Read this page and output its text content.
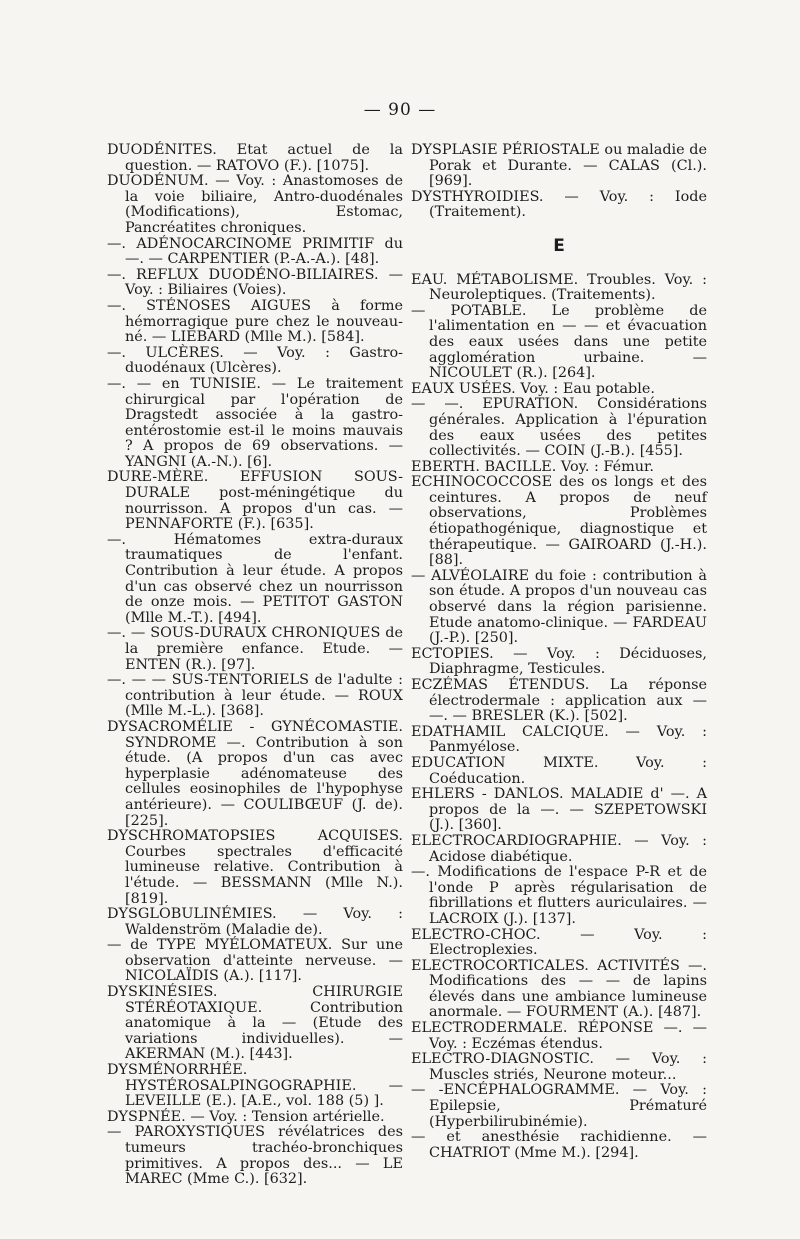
— 90 —

DUODÉNITES. Etat actuel de la question. — RATOVO (F.). [1075].

DUODÉNUM. — Voy. : Anastomoses de la voie biliaire, Antro-duodénales (Modifications), Estomac, Pancréatites chroniques.

—. ADÉNOCARCINOME PRIMITIF du —. — CARPENTIER (P.-A.-A.). [48].

—. REFLUX DUODÉNO-BILIAIRES. — Voy. : Biliaires (Voies).

—. STÉNOSES AIGUES à forme hémorragique pure chez le nouveau-né. — LIEBARD (Mlle M.). [584].

—. ULCÈRES. — Voy. : Gastro-duodénaux (Ulcères).

—. — en TUNISIE. — Le traitement chirurgical par l'opération de Dragstedt associée à la gastro-entérostomie est-il le moins mauvais ? A propos de 69 observations. — YANGNI (A.-N.). [6].

DURE-MÈRE. EFFUSION SOUS-DURALE post-méningétique du nourrisson. A propos d'un cas. — PENNAFORTE (F.). [635].

—. Hématomes extra-duraux traumatiques de l'enfant. Contribution à leur étude. A propos d'un cas observé chez un nourrisson de onze mois. — PETITOT GASTON (Mlle M.-T.). [494].

—. — SOUS-DURAUX CHRONIQUES de la première enfance. Etude. — ENTEN (R.). [97].

—. — — SUS-TENTORIELS de l'adulte : contribution à leur étude. — ROUX (Mlle M.-L.). [368].

DYSACROMÉLIE - GYNÉCOMASTIE. SYNDROME —. Contribution à son étude. (A propos d'un cas avec hyperplasie adénomateuse des cellules eosinophiles de l'hypophyse antérieure). — COULIBŒUF (J. de). [225].

DYSCHROMATOPSIES ACQUISES. Courbes spectrales d'efficacité lumineuse relative. Contribution à l'étude. — BESSMANN (Mlle N.). [819].

DYSGLOBULINÉMIES. — Voy. : Waldenström (Maladie de).

— de TYPE MYÉLOMATEUX. Sur une observation d'atteinte nerveuse. — NICOLAÏDIS (A.). [117].

DYSKINÉSIES. CHIRURGIE STÉRÉOTAXIQUE. Contribution anatomique à la — (Etude des variations individuelles). — AKERMAN (M.). [443].

DYSMÉNORRHÉE. HYSTÉROSALPINGOGRAPHIE. — LEVEILLE (E.). [A.E., vol. 188 (5) ].

DYSPNÉE. — Voy. : Tension artérielle.

— PAROXYSTIQUES révélatrices des tumeurs trachéo-bronchiques primitives. A propos des... — LE MAREC (Mme C.). [632].

DYSPLASIE PÉRIOSTALE ou maladie de Porak et Durante. — CALAS (Cl.). [969].

DYSTHYROIDIES. — Voy. : Iode (Traitement).

E

EAU. MÉTABOLISME. Troubles. Voy. : Neuroleptiques. (Traitements).

— POTABLE. Le problème de l'alimentation en — — et évacuation des eaux usées dans une petite agglomération urbaine. — NICOULET (R.). [264].

EAUX USÉES. Voy. : Eau potable.

— —. EPURATION. Considérations générales. Application à l'épuration des eaux usées des petites collectivités. — COIN (J.-B.). [455].

EBERTH. BACILLE. Voy. : Fémur.

ECHINOCOCCOSE des os longs et des ceintures. A propos de neuf observations, Problèmes étiopathogénique, diagnostique et thérapeutique. — GAIROARD (J.-H.). [88].

— ALVÉOLAIRE du foie : contribution à son étude. A propos d'un nouveau cas observé dans la région parisienne. Etude anatomo-clinique. — FARDEAU (J.-P.). [250].

ECTOPIES. — Voy. : Déciduoses, Diaphragme, Testicules.

ECZÉMAS ÉTENDUS. La réponse électrodermale : application aux — —. — BRESLER (K.). [502].

EDATHAMIL CALCIQUE. — Voy. : Panmyélose.

EDUCATION MIXTE. Voy. : Coéducation.

EHLERS - DANLOS. MALADIE d' —. A propos de la —. — SZEPETOWSKI (J.). [360].

ELECTROCARDIOGRAPHIE. — Voy. : Acidose diabétique.

—. Modifications de l'espace P-R et de l'onde P après régularisation de fibrillations et flutters auriculaires. — LACROIX (J.). [137].

ELECTRO-CHOC. — Voy. : Electroplexies.

ELECTROCORTICALES. ACTIVITÉS —. Modifications des — — de lapins élevés dans une ambiance lumineuse anormale. — FOURMENT (A.). [487].

ELECTRODERMALE. RÉPONSE —. — Voy. : Eczémas étendus.

ELECTRO-DIAGNOSTIC. — Voy. : Muscles striés, Neurone moteur...

— -ENCÉPHALOGRAMME. — Voy. : Epilepsie, Prématuré (Hyperbilirubinémie).

— et anesthésie rachidienne. — CHATRIOT (Mme M.). [294].
